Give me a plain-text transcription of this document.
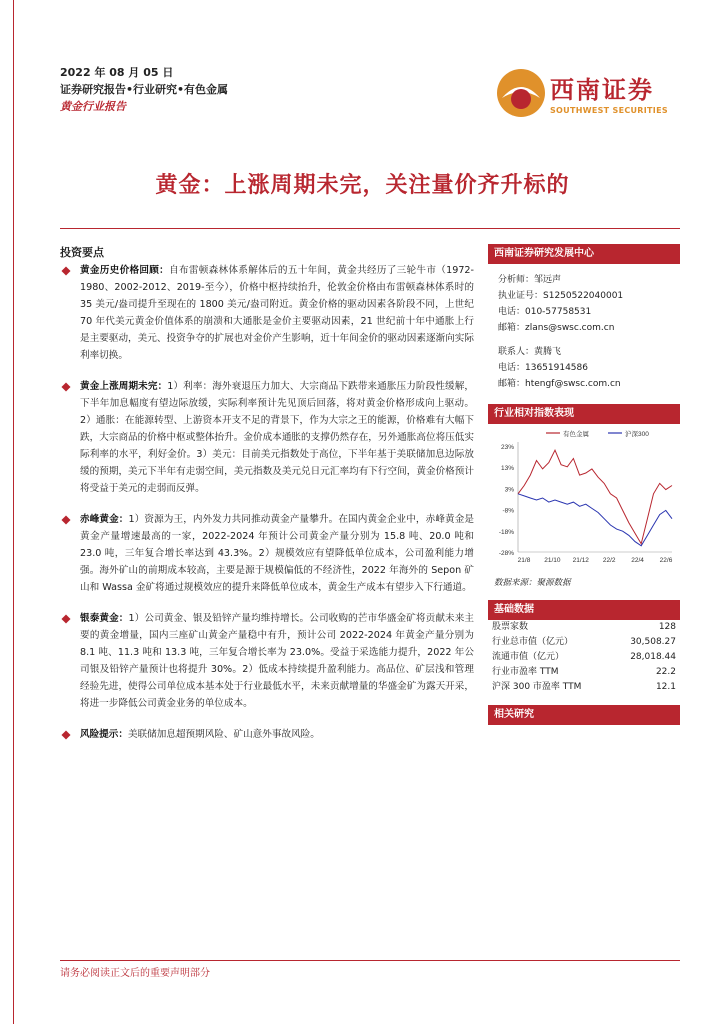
2022 年 08 月 05 日
证券研究报告•行业研究•有色金属
黄金行业报告
西南证券
SOUTHWEST SECURITIES
黄金：上涨周期未完，关注量价齐升标的
投资要点
黄金历史价格回顾：自布雷顿森林体系解体后的五十年间，黄金共经历了三轮牛市（1972-1980、2002-2012、2019-至今），价格中枢持续抬升，伦敦金价格由布雷顿森林体系时的 35 美元/盎司提升至现在的 1800 美元/盎司附近。黄金价格的驱动因素各阶段不同，上世纪 70 年代美元黄金价值体系的崩溃和大通胀是金价主要驱动因素，21 世纪前十年中通胀上行是主要驱动，美元、投资争夺的扩展也对金价产生影响，近十年间金价的驱动因素逐渐向实际利率切换。
黄金上涨周期未完：1）利率：海外衰退压力加大、大宗商品下跌带来通胀压力阶段性缓解，下半年加息幅度有望边际放缓，实际利率预计先见顶后回落，将对黄金价格形成向上驱动。2）通胀：在能源转型、上游资本开支不足的背景下，作为大宗之王的能源，价格难有大幅下跌，大宗商品的价格中枢或整体抬升。金价成本通胀的支撑仍然存在，另外通胀高位将压低实际利率的水平，利好金价。3）美元：目前美元指数处于高位，下半年基于美联储加息边际放缓的预期，美元下半年有走弱空间，美元指数及美元兑日元汇率均有下行空间，黄金价格预计将受益于美元的走弱而反弹。
赤峰黄金：1）资源为王，内外发力共同推动黄金产量攀升。在国内黄金企业中，赤峰黄金是黄金产量增速最高的一家，2022-2024 年预计公司黄金产量分别为 15.8 吨、20.0 吨和 23.0 吨，三年复合增长率达到 43.3%。2）规模效应有望降低单位成本，公司盈利能力增强。海外矿山的前期成本较高，主要是源于规模偏低的不经济性，2022 年海外的 Sepon 矿山和 Wassa 金矿将通过规模效应的提升来降低单位成本，黄金生产成本有望步入下行通道。
银泰黄金：1）公司黄金、银及铅锌产量均维持增长。公司收购的芒市华盛金矿将贡献未来主要的黄金增量，国内三座矿山黄金产量稳中有升，预计公司 2022-2024 年黄金产量分别为 8.1 吨、11.3 吨和 13.3 吨，三年复合增长率为 23.0%。受益于采选能力提升，2022 年公司银及铅锌产量预计也将提升 30%。2）低成本持续提升盈利能力。高品位、矿层浅和管理经验先进，使得公司单位成本基本处于行业最低水平，未来贡献增量的华盛金矿为露天开采，将进一步降低公司黄金业务的单位成本。
风险提示：美联储加息超预期风险、矿山意外事故风险。
西南证券研究发展中心
分析师：邹远声
执业证号：S1250522040001
电话：010-57758531
邮箱：zlans@swsc.com.cn
联系人：黄腾飞
电话：13651914586
邮箱：htengf@swsc.com.cn
行业相对指数表现
23%
13%
3%
-8%
-18%
-28%
21/8 21/10 21/12 22/2 22/4 22/6
有色金属	沪深300
数据来源：聚源数据
基础数据
股票家数	128
行业总市值（亿元）	30,508.27
流通市值（亿元）	28,018.44
行业市盈率 TTM	22.2
沪深 300 市盈率 TTM	12.1
相关研究
请务必阅读正文后的重要声明部分
